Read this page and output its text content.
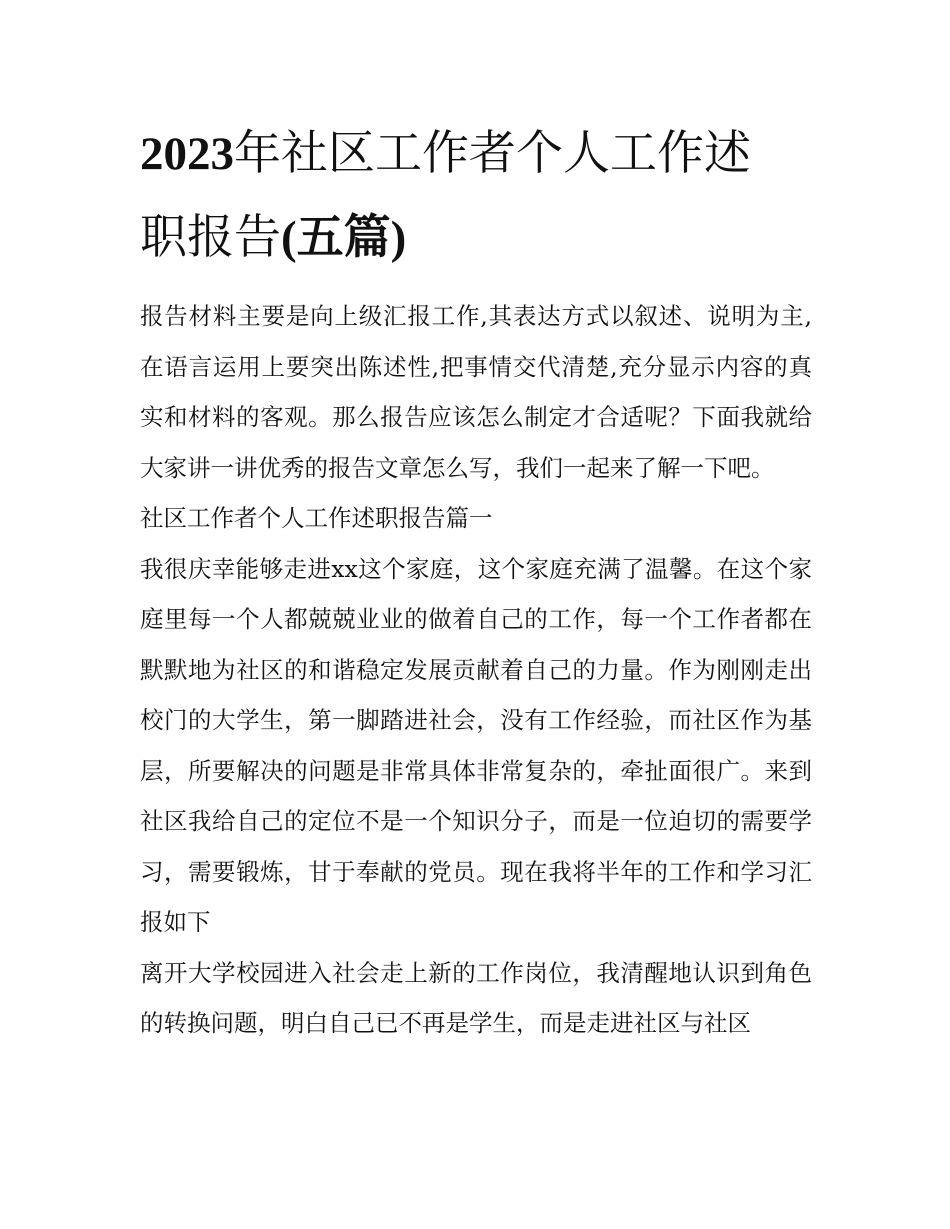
2023年社区工作者个人工作述
职报告(五篇)

报告材料主要是向上级汇报工作,其表达方式以叙述、说明为主,在语言运用上要突出陈述性,把事情交代清楚,充分显示内容的真实和材料的客观。那么报告应该怎么制定才合适呢？下面我就给大家讲一讲优秀的报告文章怎么写，我们一起来了解一下吧。

社区工作者个人工作述职报告篇一

我很庆幸能够走进xx这个家庭，这个家庭充满了温馨。在这个家庭里每一个人都兢兢业业的做着自己的工作，每一个工作者都在默默地为社区的和谐稳定发展贡献着自己的力量。作为刚刚走出校门的大学生，第一脚踏进社会，没有工作经验，而社区作为基层，所要解决的问题是非常具体非常复杂的，牵扯面很广。来到社区我给自己的定位不是一个知识分子，而是一位迫切的需要学习，需要锻炼，甘于奉献的党员。现在我将半年的工作和学习汇报如下

离开大学校园进入社会走上新的工作岗位，我清醒地认识到角色的转换问题，明白自己已不再是学生，而是走进社区与社区
